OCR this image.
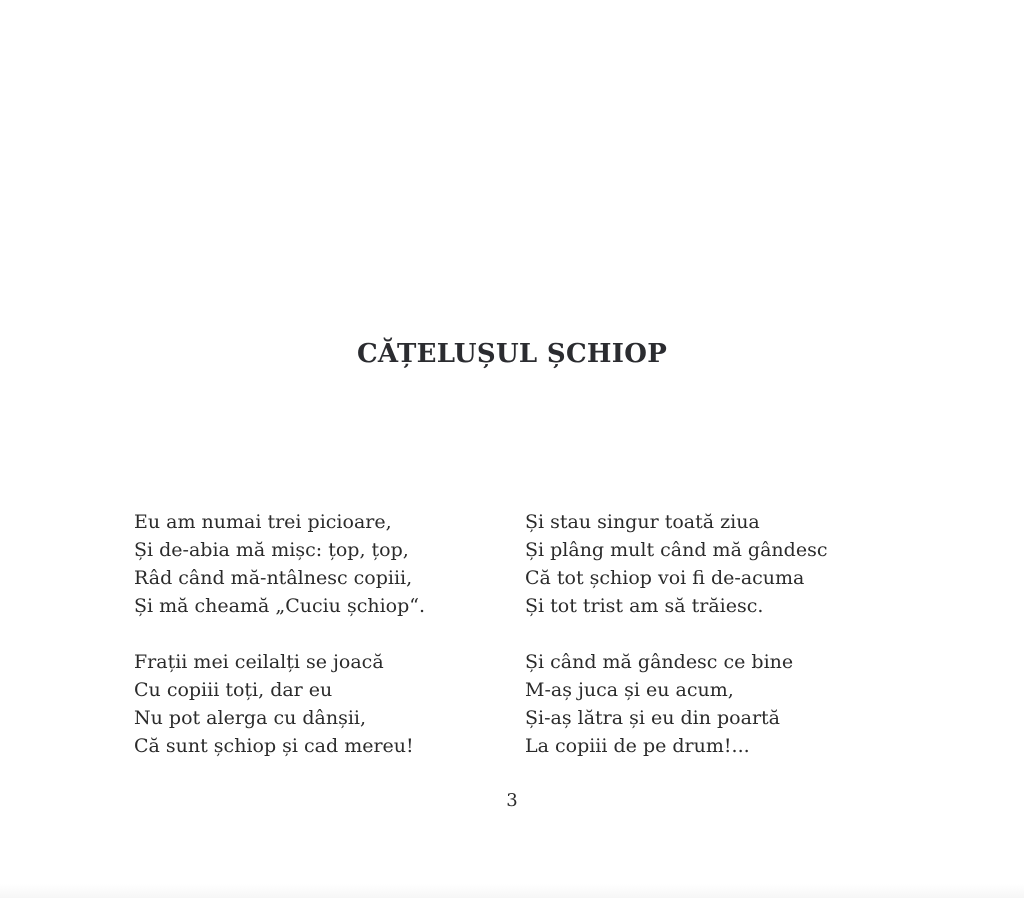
CĂȚELUȘUL ȘCHIOP
Eu am numai trei picioare,
Și de-abia mă mișc: țop, țop,
Râd când mă-ntâlnesc copiii,
Și mă cheamă „Cuciu șchiop“.
Frații mei ceilalți se joacă
Cu copiii toți, dar eu
Nu pot alerga cu dânșii,
Că sunt șchiop și cad mereu!
Și stau singur toată ziua
Și plâng mult când mă gândesc
Că tot șchiop voi fi de-acuma
Și tot trist am să trăiesc.
Și când mă gândesc ce bine
M-aș juca și eu acum,
Și-aș lătra și eu din poartă
La copiii de pe drum!...
3
